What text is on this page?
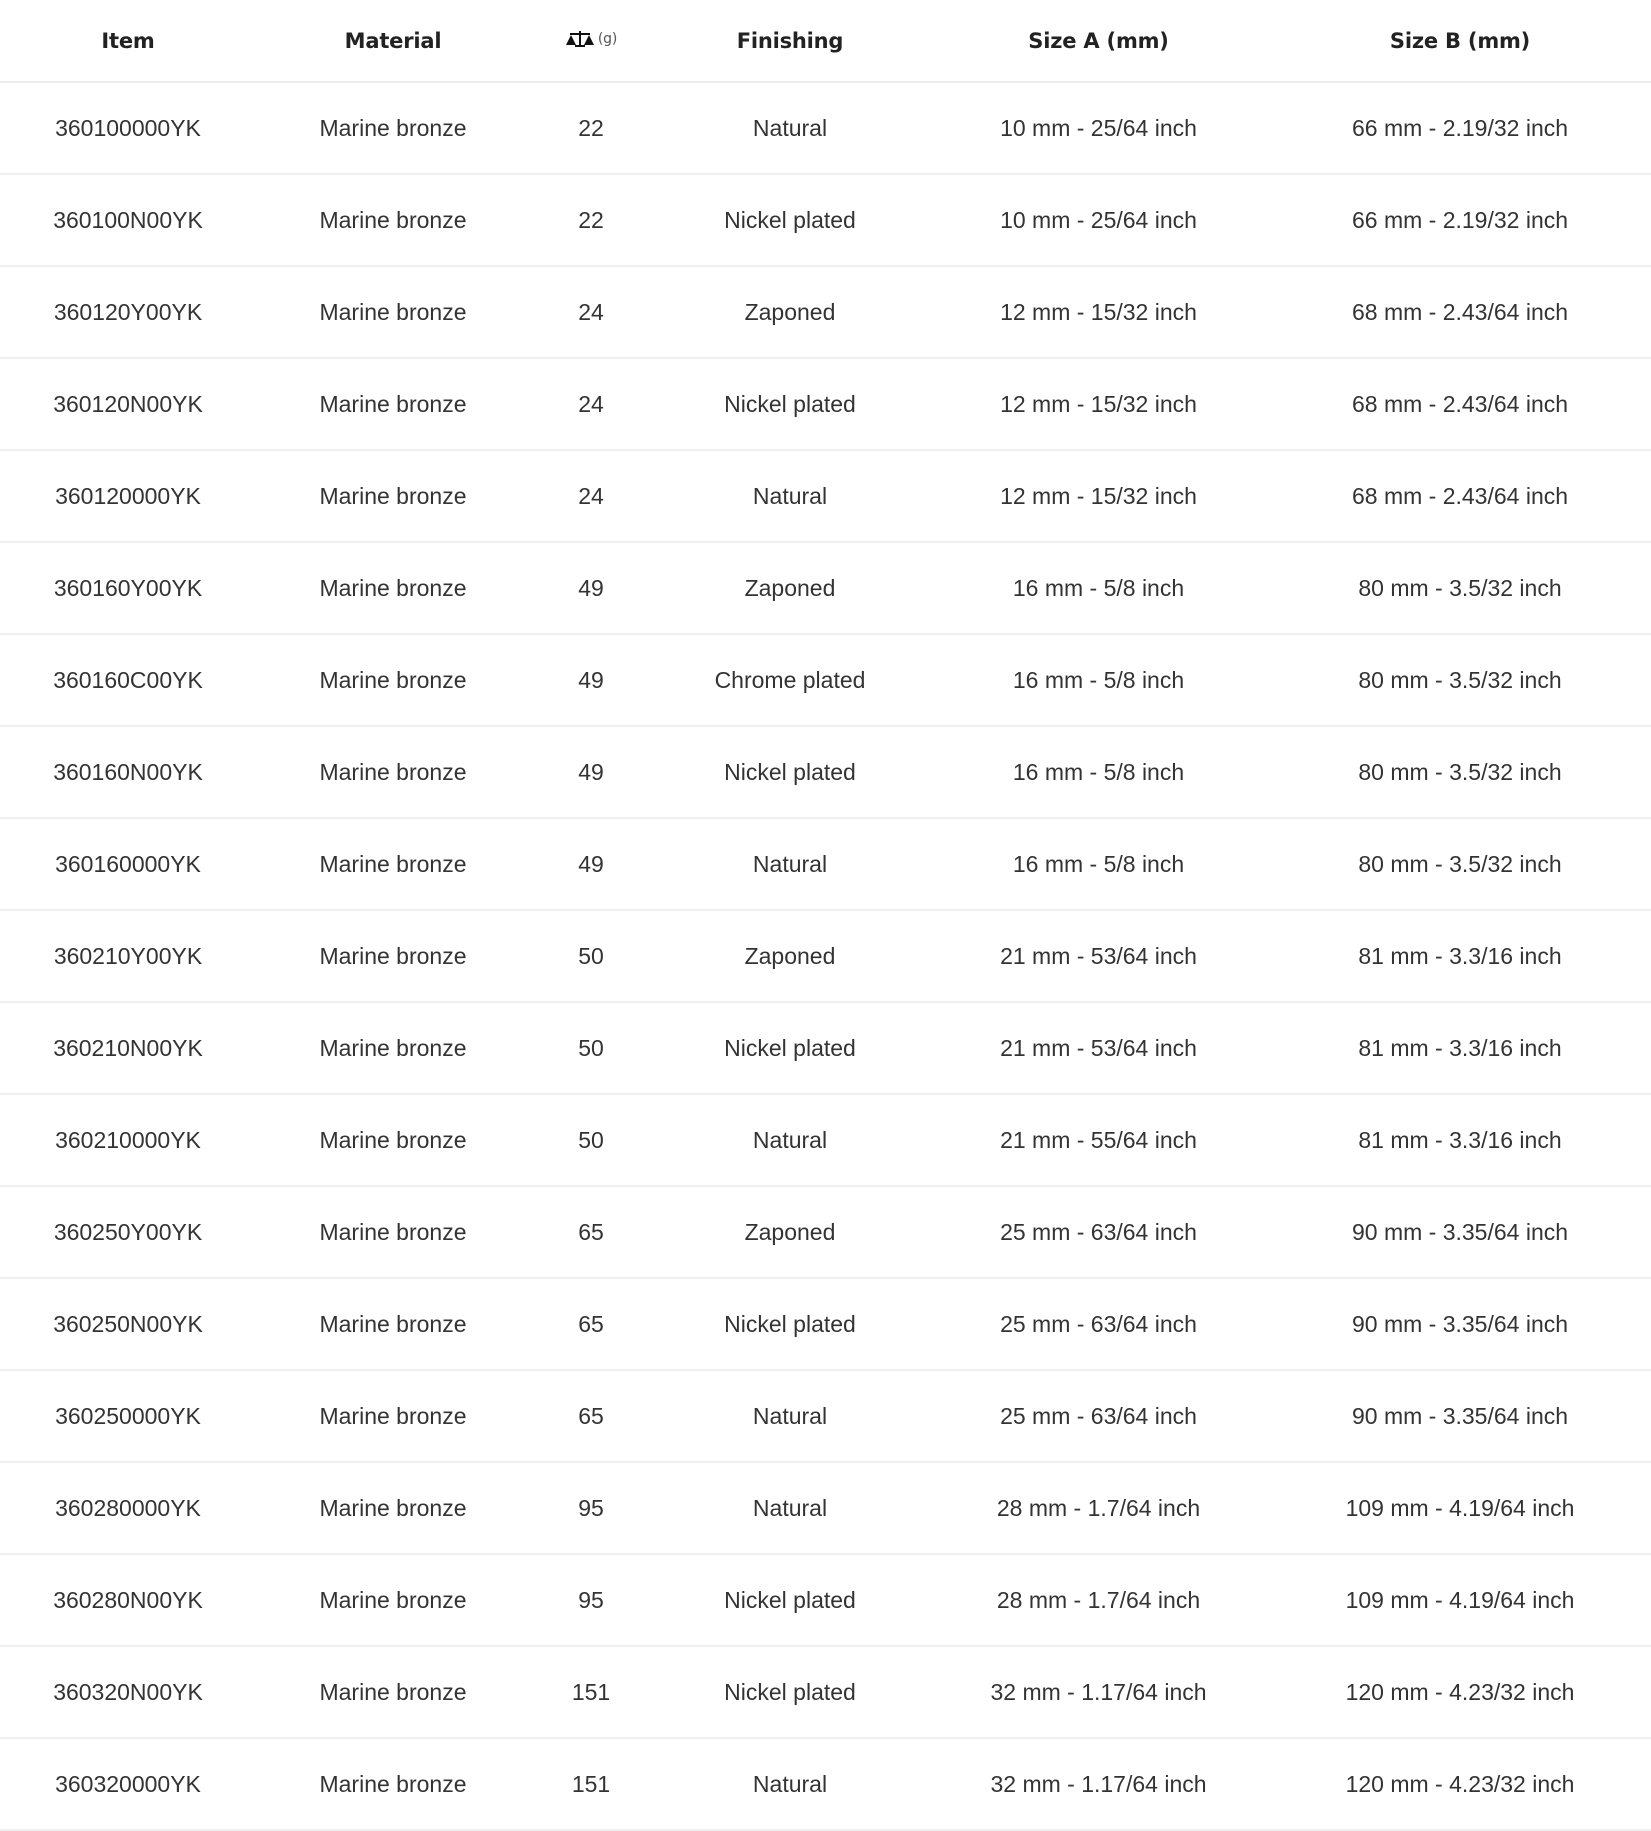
Item	Material	(g)	Finishing	Size A (mm)	Size B (mm)
360100000YK	Marine bronze	22	Natural	10 mm - 25/64 inch	66 mm - 2.19/32 inch
360100N00YK	Marine bronze	22	Nickel plated	10 mm - 25/64 inch	66 mm - 2.19/32 inch
360120Y00YK	Marine bronze	24	Zaponed	12 mm - 15/32 inch	68 mm - 2.43/64 inch
360120N00YK	Marine bronze	24	Nickel plated	12 mm - 15/32 inch	68 mm - 2.43/64 inch
360120000YK	Marine bronze	24	Natural	12 mm - 15/32 inch	68 mm - 2.43/64 inch
360160Y00YK	Marine bronze	49	Zaponed	16 mm - 5/8 inch	80 mm - 3.5/32 inch
360160C00YK	Marine bronze	49	Chrome plated	16 mm - 5/8 inch	80 mm - 3.5/32 inch
360160N00YK	Marine bronze	49	Nickel plated	16 mm - 5/8 inch	80 mm - 3.5/32 inch
360160000YK	Marine bronze	49	Natural	16 mm - 5/8 inch	80 mm - 3.5/32 inch
360210Y00YK	Marine bronze	50	Zaponed	21 mm - 53/64 inch	81 mm - 3.3/16 inch
360210N00YK	Marine bronze	50	Nickel plated	21 mm - 53/64 inch	81 mm - 3.3/16 inch
360210000YK	Marine bronze	50	Natural	21 mm - 55/64 inch	81 mm - 3.3/16 inch
360250Y00YK	Marine bronze	65	Zaponed	25 mm - 63/64 inch	90 mm - 3.35/64 inch
360250N00YK	Marine bronze	65	Nickel plated	25 mm - 63/64 inch	90 mm - 3.35/64 inch
360250000YK	Marine bronze	65	Natural	25 mm - 63/64 inch	90 mm - 3.35/64 inch
360280000YK	Marine bronze	95	Natural	28 mm - 1.7/64 inch	109 mm - 4.19/64 inch
360280N00YK	Marine bronze	95	Nickel plated	28 mm - 1.7/64 inch	109 mm - 4.19/64 inch
360320N00YK	Marine bronze	151	Nickel plated	32 mm - 1.17/64 inch	120 mm - 4.23/32 inch
360320000YK	Marine bronze	151	Natural	32 mm - 1.17/64 inch	120 mm - 4.23/32 inch
